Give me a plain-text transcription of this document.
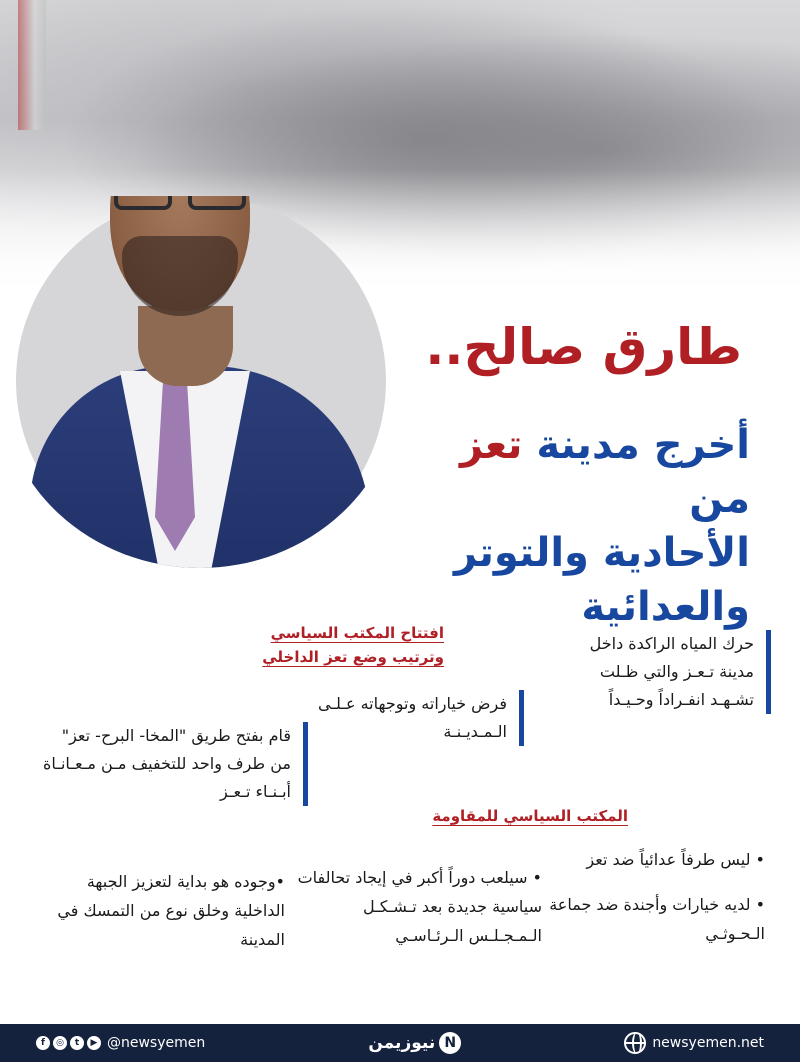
طارق صالح..
أخرج مدينة تعز من
الأحادية والتوتر
والعدائية
افتتاح المكتب السياسي
وترتيب وضع تعز الداخلي
حرك المياه الراكدة داخل مدينة تـعـز والتي ظـلت تشـهـد انفـراداً وحـيـداً
فرض خياراته وتوجهاته عـلـى الـمـديـنـة
قام بفتح طريق "المخا- البرح- تعز" من طرف واحد للتخفيف مـن مـعـانـاة أبـنـاء تـعـز
المكتب السياسي للمقاومة
• ليس طرفاً عدائياً ضد تعز
• لديه خيارات وأجندة ضد جماعة الـحـوثـي
• سيلعب دوراً أكبر في إيجاد تحالفات سياسية جديدة بعد تـشـكـل الـمـجـلـس الـرئـاسـي
•وجوده هو بداية لتعزيز الجبهة الداخلية وخلق نوع من التمسك في المدينة
f	◎	t	▶ @newsyemen	N
نيوزيمن	newsyemen.net
